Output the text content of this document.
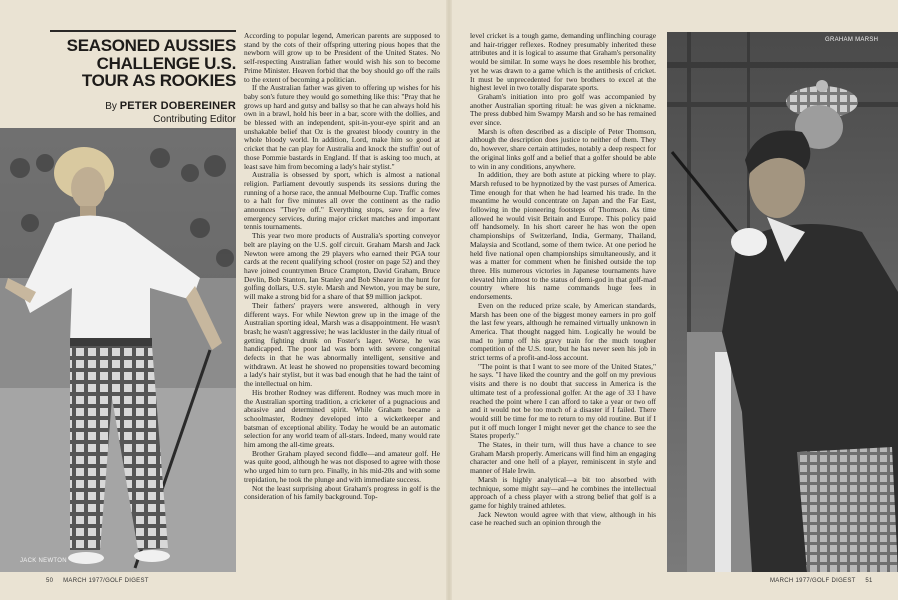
SEASONED AUSSIES CHALLENGE U.S. TOUR AS ROOKIES
By PETER DOBEREINER
Contributing Editor
JACK NEWTON

According to popular legend, American parents are supposed to stand by the cots of their offspring uttering pious hopes that the newborn will grow up to be President of the United States. No self-respecting Australian father would wish his son to become Prime Minister. Heaven forbid that the boy should go off the rails to the extent of becoming a politician.

If the Australian father was given to offering up wishes for his baby son's future they would go something like this: "Pray that he grows up hard and gutsy and ballsy so that he can always hold his own in a brawl, hold his beer in a bar, score with the dollies, and be blessed with an independent, spit-in-your-eye spirit and an unshakable belief that Oz is the greatest bloody country in the whole bloody world. In addition, Lord, make him so good at cricket that he can play for Australia and knock the stuffin' out of those Pommie bastards in England. If that is asking too much, at least save him from becoming a lady's hair stylist."

Australia is obsessed by sport, which is almost a national religion. Parliament devoutly suspends its sessions during the running of a horse race, the annual Melbourne Cup. Traffic comes to a halt for five minutes all over the continent as the radio announces "They're off." Everything stops, save for a few emergency services, during major cricket matches and important tennis tournaments.

This year two more products of Australia's sporting conveyor belt are playing on the U.S. golf circuit. Graham Marsh and Jack Newton were among the 29 players who earned their PGA tour cards at the recent qualifying school (roster on page 52) and they have joined countrymen Bruce Crampton, David Graham, Bruce Devlin, Bob Stanton, Ian Stanley and Bob Shearer in the hunt for golfing dollars, U.S. style. Marsh and Newton, you may be sure, will make a strong bid for a share of that $9 million jackpot.

Their fathers' prayers were answered, although in very different ways. For while Newton grew up in the image of the Australian sporting ideal, Marsh was a disappointment. He wasn't brash; he wasn't aggressive; he was lackluster in the daily ritual of getting fighting drunk on Foster's lager. Worse, he was handicapped. The poor lad was born with severe congenital defects in that he was abnormally intelligent, sensitive and withdrawn. At least he showed no propensities toward becoming a lady's hair stylist, but it was bad enough that he had the taint of the intellectual on him.

His brother Rodney was different. Rodney was much more in the Australian sporting tradition, a cricketer of a pugnacious and abrasive and determined spirit. While Graham became a schoolmaster, Rodney developed into a wicketkeeper and batsman of exceptional ability. Today he would be an automatic selection for any world team of all-stars. Indeed, many would rate him among the all-time greats.

Brother Graham played second fiddle—and amateur golf. He was quite good, although he was not disposed to agree with those who urged him to turn pro. Finally, in his mid-20s and with some trepidation, he took the plunge and with immediate success.

Not the least surprising about Graham's progress in golf is the consideration of his family background. Top-

level cricket is a tough game, demanding unflinching courage and hair-trigger reflexes. Rodney presumably inherited these attributes and it is logical to assume that Graham's personality would be similar. In some ways he does resemble his brother, yet he was drawn to a game which is the antithesis of cricket. It must be unprecedented for two brothers to excel at the highest level in two totally disparate sports.

Graham's initiation into pro golf was accompanied by another Australian sporting ritual: he was given a nickname. The press dubbed him Swampy Marsh and so he has remained ever since.

Marsh is often described as a disciple of Peter Thomson, although the description does justice to neither of them. They do, however, share certain attitudes, notably a deep respect for the original links golf and a belief that a golfer should be able to win in any conditions, anywhere.

In addition, they are both astute at picking where to play. Marsh refused to be hypnotized by the vast purses of America. Time enough for that when he had learned his trade. In the meantime he would concentrate on Japan and the Far East, following in the pioneering footsteps of Thomson. As time allowed he would visit Britain and Europe. This policy paid off handsomely. In his short career he has won the open championships of Switzerland, India, Germany, Thailand, Malaysia and Scotland, some of them twice. At one period he held five national open championships simultaneously, and it was a matter for comment when he finished outside the top three. His numerous victories in Japanese tournaments have elevated him almost to the status of demi-god in that golf-mad country where his name commands huge fees in endorsements.

Even on the reduced prize scale, by American standards, Marsh has been one of the biggest money earners in pro golf the last few years, although he remained virtually unknown in America. That thought nagged him. Logically he would be mad to jump off his gravy train for the much tougher competition of the U.S. tour, but he has never seen his job in strict terms of a profit-and-loss account.

"The point is that I want to see more of the United States," he says. "I have liked the country and the golf on my previous visits and there is no doubt that success in America is the ultimate test of a professional golfer. At the age of 33 I have reached the point where I can afford to take a year or two off and it would not be too much of a disaster if I failed. There would still be time for me to return to my old routine. But if I put it off much longer I might never get the chance to see the States properly."

The States, in their turn, will thus have a chance to see Graham Marsh properly. Americans will find him an engaging character and one hell of a player, reminiscent in style and manner of Hale Irwin.

Marsh is highly analytical—a bit too absorbed with technique, some might say—and he combines the intellectual approach of a chess player with a strong belief that golf is a game for highly trained athletes.

Jack Newton would agree with that view, although in his case he reached such an opinion through the

GRAHAM MARSH
50 MARCH 1977/GOLF DIGEST	MARCH 1977/GOLF DIGEST 51
